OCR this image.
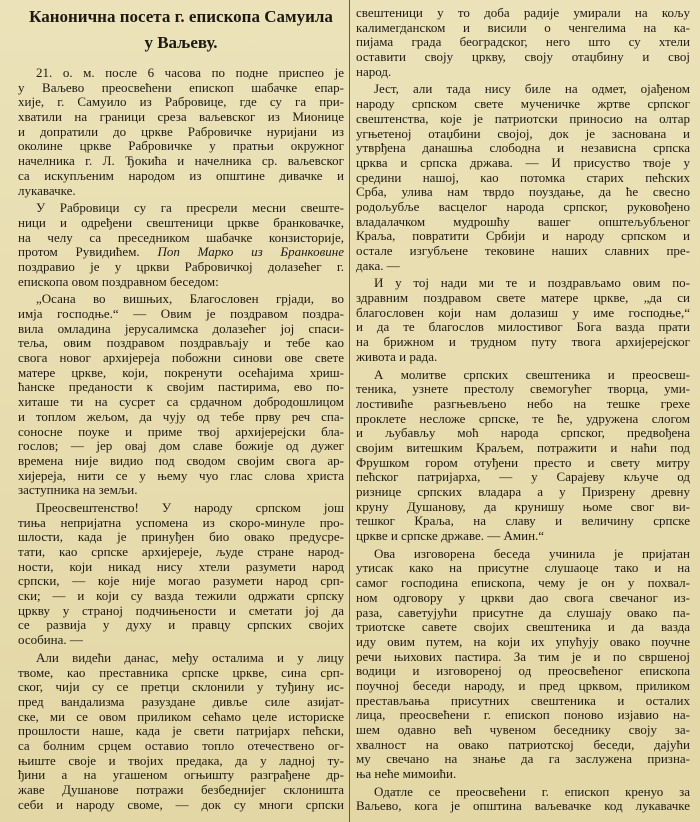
Канонична посета г. епископа Самуила
у Ваљеву.
21. о. м. после 6 часова по подне приспео је
у Ваљево преосвећени епископ шабачке епар-
хије, г. Самуило из Рабровице, где су га при-
хватили на граници среза ваљевског из Мионице
и допратили до цркве Рабровичке нуријани из
околине цркве Рабровичке у пратњи окружног
начелника г. Л. Ђокића и начелника ср. ваљевског
са искупљеним народом из општине дивачке и
лукавачке.
У Рабровици су га пресрели месни свеште-
ници и одређени свештеници цркве бранковачке,
на челу са преседником шабачке конзисторије,
протом Рувидићем. Поп Марко из Бранковине
поздравио је у цркви Рабровичкој долазећег г.
епископа овом поздравном беседом:
„Осана во вишњих, Благословен грјади, во
имја господње.“ — Овим је поздравом поздра-
вила омладина јерусалимска долазећег јој спаси-
теља, овим поздравом поздрављају и тебе као
свога новог архијереја побожни синови ове свете
матере цркве, који, покренути осећајима хриш-
ћанске преданости к својим пастирима, ево по-
хиташе ти на сусрет са срдачном добродошлицом
и топлом жељом, да чују од тебе прву реч спа-
соносне поуке и приме твој архијерејски бла-
гослов; — јер овај дом славе божије од дужег
времена није видио под сводом својим свога ар-
хијереја, нити се у њему чуо глас слова христа
заступника на земљи.
Преосвештенство! У народу српском још
тиња непријатна успомена из скоро-минуле про-
шлости, када је принуђен био овако предусре-
тати, као српске архијереје, људе стране народ-
ности, који никад нису хтели разумети народ
српски, — које није могао разумети народ срп-
ски; — и који су вазда тежили одржати српску
цркву у страној подчињености и сметати јој да
се развија у духу и правцу српских својих
особина. —
Али видећи данас, међу осталима и у лицу
твоме, као преставника српске цркве, сина срп-
ског, чији су се претци склонили у туђину ис-
пред вандализма разуздане дивље силе азијат-
ске, ми се овом приликом сећамо целе историске
прошлости наше, када је свети патријарх пећски,
са болним срцем оставио топло отечествено ог-
њиште своје и твојих предака, да у ладној ту-
ђини а на угашеном огњишту разграђене др-
жаве Душанове потражи безбеднијег склоништа
себи и народу своме, — док су многи српски
свештеници у то доба радије умирали на кољу
калимегданском и висили о ченгелима на ка-
пијама града београдског, него што су хтели
оставити своју цркву, своју отаџбину и свој
народ.
Јест, али тада нису биле на одмет, ојађеном
народу српском свете мученичке жртве српског
свештенства, које је патриотски приносио на олтар
угњетеној отаџбини својој, док је заснована и
утврђена данашња слободна и независна српска
црква и српска држава. — И присуство твоје у
средини нашој, као потомка старих пећских
Срба, улива нам тврдо поуздање, да ће свесно
родољубље васцелог народа српског, руковођено
владалачком мудрошћу вашег општељубљеног
Краља, повратити Србији и народу српском и
остале изгубљене тековине наших славних пре-
дака. —
И у тој нади ми те и поздрављамо овим по-
здравним поздравом свете матере цркве, „да си
благословен који нам долазиш у име господње,“
и да те благослов милостивог Бога вазда прати
на брижном и трудном путу твога архијерејског
живота и рада.
А молитве српских свештеника и преосвеш-
теника, узнете престолу свемогућег творца, уми-
лостивиће разгњевљено небо на тешке грехе
проклете несложе српске, те ће, удружена слогом
и љубављу моћ народа српског, предвођена
својим витешким Краљем, потражити и наћи под
Фрушком гором отуђени престо и свету митру
пећског патријарха, — у Сарајеву кључе од
ризнице српских владара а у Призрену древну
круну Душанову, да крунишу њоме свог ви-
тешког Краља, на славу и величину српске
цркве и српске државе. — Амин.“
Ова изговорена беседа учинила је пријатан
утисак како на присутне слушаоце тако и на
самог господина епископа, чему је он у похвал-
ном одговору у цркви дао свога свечаног из-
раза, саветујући присутне да слушају овако па-
триотске савете својих свештеника и да вазда
иду овим путем, на који их упућују овако поучне
речи њихових пастира. За тим је и по свршеној
водици и изговореној од преосвећеног епископа
поучној беседи народу, и пред црквом, приликом
престављања присутних свештеника и осталих
лица, преосвећени г. епископ поново изјавио на-
шем одавно већ чувеном беседнику своју за-
хвалност на овако патриотској беседи, дајући
му свечано на знање да га заслужена призна-
ња неће мимоићи.
Одатле се преосвећени г. епископ кренуо за
Ваљево, кога је општина ваљевачке код лукавачке
